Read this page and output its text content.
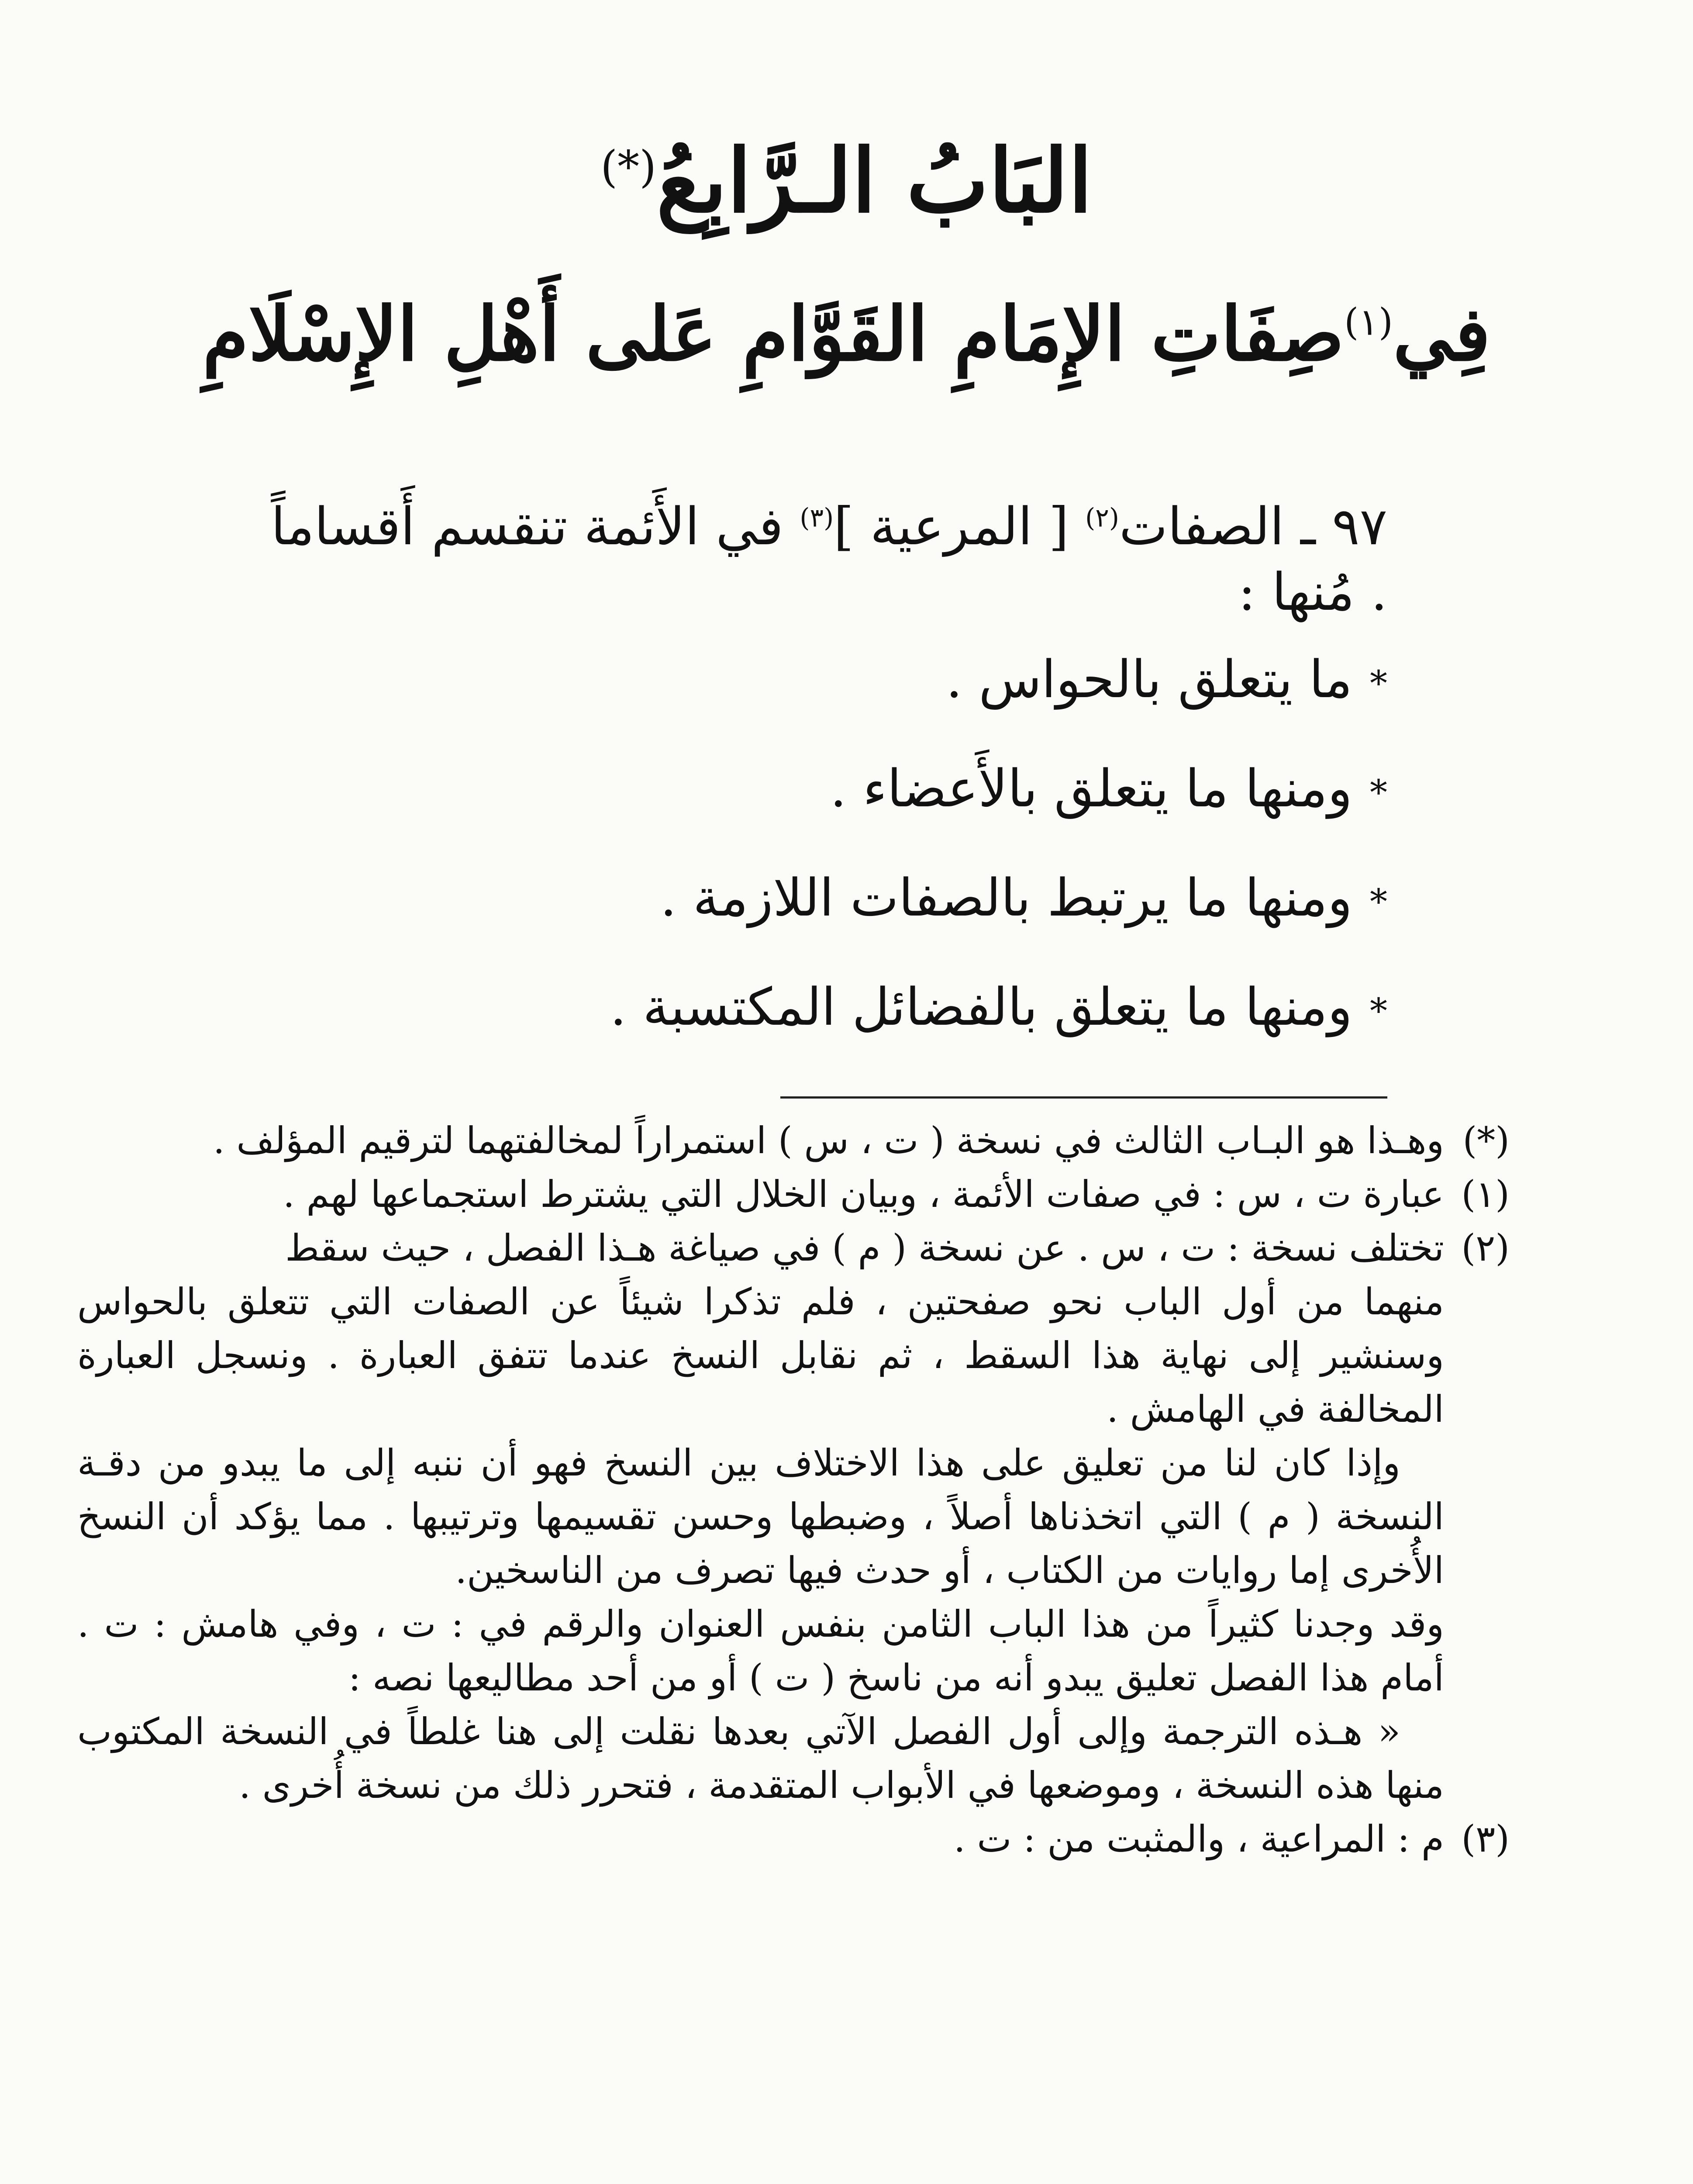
البَابُ الـرَّابِعُ(*)
فِي$^{(١)}$صِفَاتِ الإِمَامِ القَوَّامِ عَلى أَهْلِ الإِسْلَامِ

٩٧ ـ الصفات$^{(٢)}$ [ المرعية ]$^{(٣)}$ في الأَئمة تنقسم أَقساماً . مُنها :

*ما يتعلق بالحواس .
*ومنها ما يتعلق بالأَعضاء .
*ومنها ما يرتبط بالصفات اللازمة .
*ومنها ما يتعلق بالفضائل المكتسبة .

(*)وهـذا هو البـاب الثالث في نسخة ( ت ، س ) استمراراً لمخالفتهما لترقيم المؤلف .

(١)عبارة ت ، س : في صفات الأئمة ، وبيان الخلال التي يشترط استجماعها لهم .

(٢)تختلف نسخة : ت ، س . عن نسخة ( م ) في صياغة هـذا الفصل ، حيث سقط

منهما من أول الباب نحو صفحتين ، فلم تذكرا شيئاً عن الصفات التي تتعلق بالحواس وسنشير إلى نهاية هذا السقط ، ثم نقابل النسخ عندما تتفق العبارة . ونسجل العبارة المخالفة في الهامش .

وإذا كان لنا من تعليق على هذا الاختلاف بين النسخ فهو أن ننبه إلى ما يبدو من دقـة النسخة ( م ) التي اتخذناها أصلاً ، وضبطها وحسن تقسيمها وترتيبها . مما يؤكد أن النسخ الأُخرى إما روايات من الكتاب ، أو حدث فيها تصرف من الناسخين.

وقد وجدنا كثيراً من هذا الباب الثامن بنفس العنوان والرقم في : ت ، وفي هامش : ت . أمام هذا الفصل تعليق يبدو أنه من ناسخ ( ت ) أو من أحد مطاليعها نصه :

« هـذه الترجمة وإلى أول الفصل الآتي بعدها نقلت إلى هنا غلطاً في النسخة المكتوب منها هذه النسخة ، وموضعها في الأبواب المتقدمة ، فتحرر ذلك من نسخة أُخرى .

(٣)م : المراعية ، والمثبت من : ت .
